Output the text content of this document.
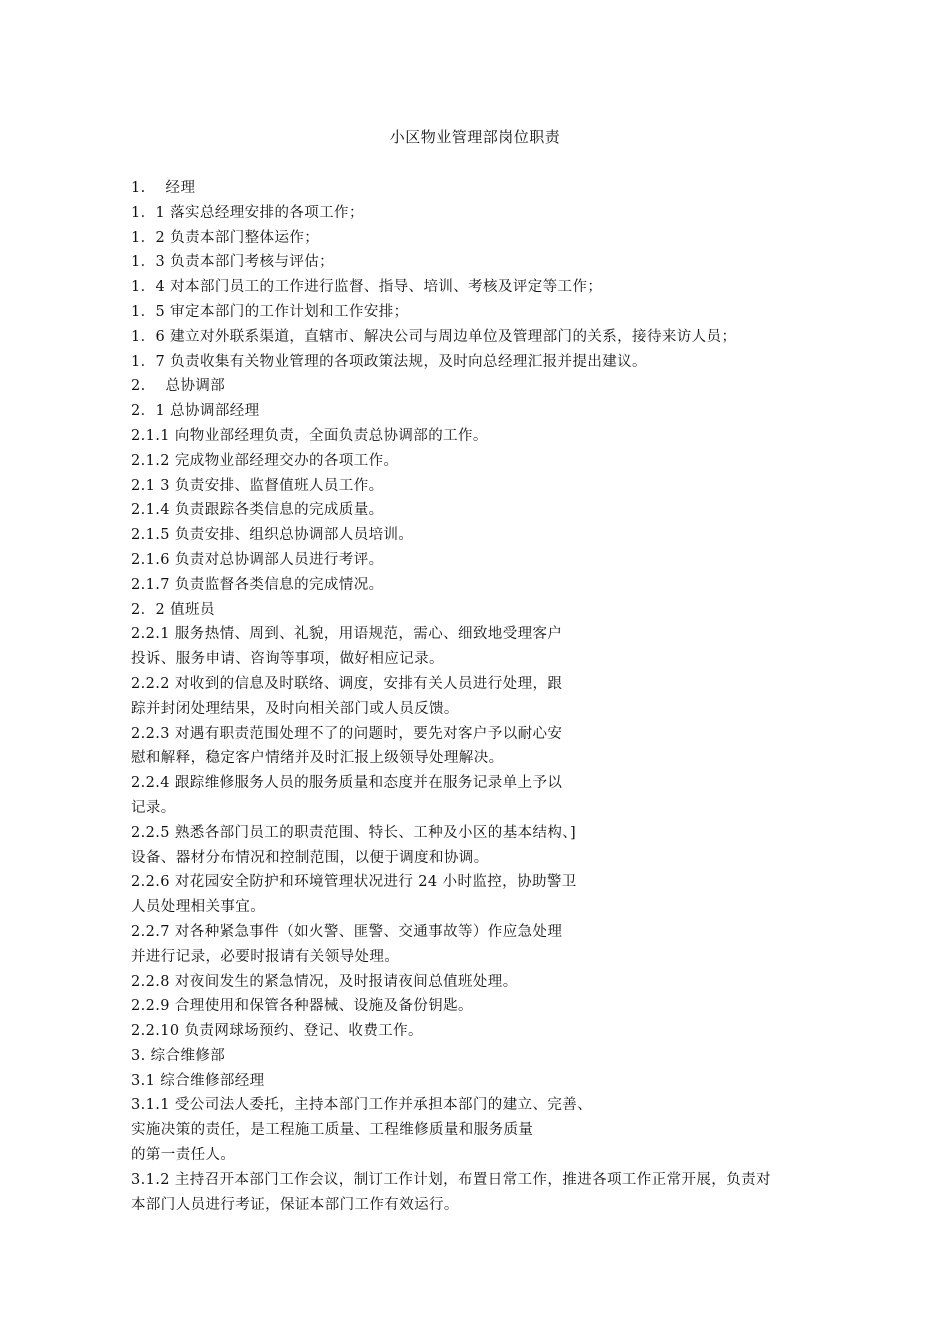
小区物业管理部岗位职责
1.　 经理
1．1 落实总经理安排的各项工作；
1．2 负责本部门整体运作；
1．3 负责本部门考核与评估；
1．4 对本部门员工的工作进行监督、指导、培训、考核及评定等工作；
1．5 审定本部门的工作计划和工作安排；
1．6 建立对外联系渠道，直辖市、解决公司与周边单位及管理部门的关系，接待来访人员；
1．7 负责收集有关物业管理的各项政策法规，及时向总经理汇报并提出建议。
2.　 总协调部
2．1 总协调部经理
2.1.1 向物业部经理负责，全面负责总协调部的工作。
2.1.2 完成物业部经理交办的各项工作。
2.1 3 负责安排、监督值班人员工作。
2.1.4 负责跟踪各类信息的完成质量。
2.1.5 负责安排、组织总协调部人员培训。
2.1.6 负责对总协调部人员进行考评。
2.1.7 负责监督各类信息的完成情况。
2．2 值班员
2.2.1 服务热情、周到、礼貌，用语规范，需心、细致地受理客户
投诉、服务申请、咨询等事项，做好相应记录。
2.2.2 对收到的信息及时联络、调度，安排有关人员进行处理，跟
踪并封闭处理结果，及时向相关部门或人员反馈。
2.2.3 对遇有职责范围处理不了的问题时，要先对客户予以耐心安
慰和解释，稳定客户情绪并及时汇报上级领导处理解决。
2.2.4 跟踪维修服务人员的服务质量和态度并在服务记录单上予以
记录。
2.2.5 熟悉各部门员工的职责范围、特长、工种及小区的基本结构、]
设备、器材分布情况和控制范围，以便于调度和协调。
2.2.6 对花园安全防护和环境管理状况进行 24 小时监控，协助警卫
人员处理相关事宜。
2.2.7 对各种紧急事件（如火警、匪警、交通事故等）作应急处理
并进行记录，必要时报请有关领导处理。
2.2.8 对夜间发生的紧急情况，及时报请夜间总值班处理。
2.2.9 合理使用和保管各种器械、设施及备份钥匙。
2.2.10 负责网球场预约、登记、收费工作。
3. 综合维修部
3.1 综合维修部经理
3.1.1 受公司法人委托，主持本部门工作并承担本部门的建立、完善、
实施决策的责任，是工程施工质量、工程维修质量和服务质量
的第一责任人。
3.1.2 主持召开本部门工作会议，制订工作计划，布置日常工作，推进各项工作正常开展，负责对
本部门人员进行考证，保证本部门工作有效运行。
